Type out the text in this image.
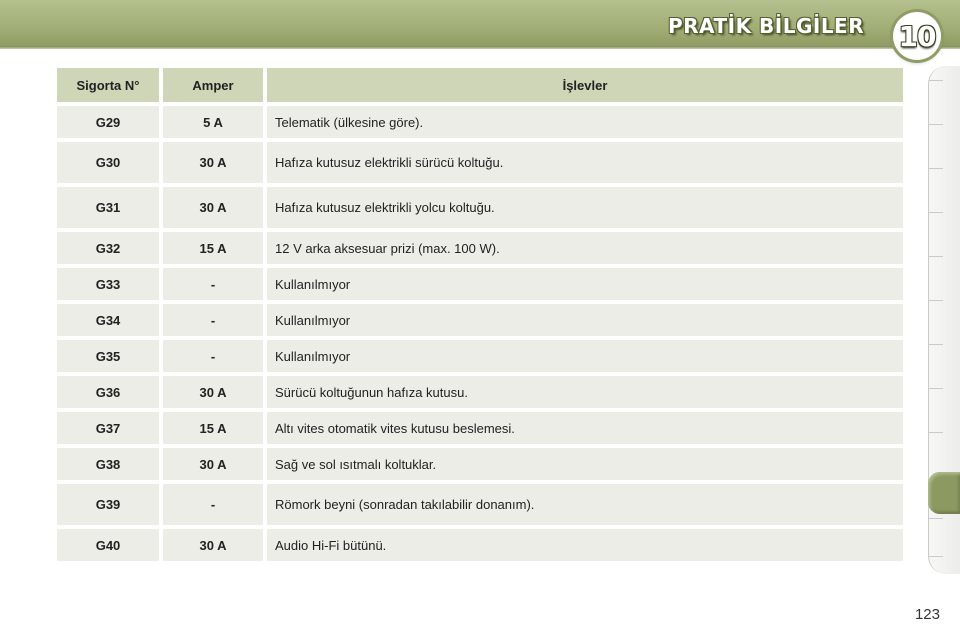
PRATİK BİLGİLER	10
Sigorta N°	Amper	İşlevler
G29	5 A	Telematik (ülkesine göre).
G30	30 A	Hafıza kutusuz elektrikli sürücü koltuğu.
G31	30 A	Hafıza kutusuz elektrikli yolcu koltuğu.
G32	15 A	12 V arka aksesuar prizi (max. 100 W).
G33	-	Kullanılmıyor
G34	-	Kullanılmıyor
G35	-	Kullanılmıyor
G36	30 A	Sürücü koltuğunun hafıza kutusu.
G37	15 A	Altı vites otomatik vites kutusu beslemesi.
G38	30 A	Sağ ve sol ısıtmalı koltuklar.
G39	-	Römork beyni (sonradan takılabilir donanım).
G40	30 A	Audio Hi-Fi bütünü.
123
